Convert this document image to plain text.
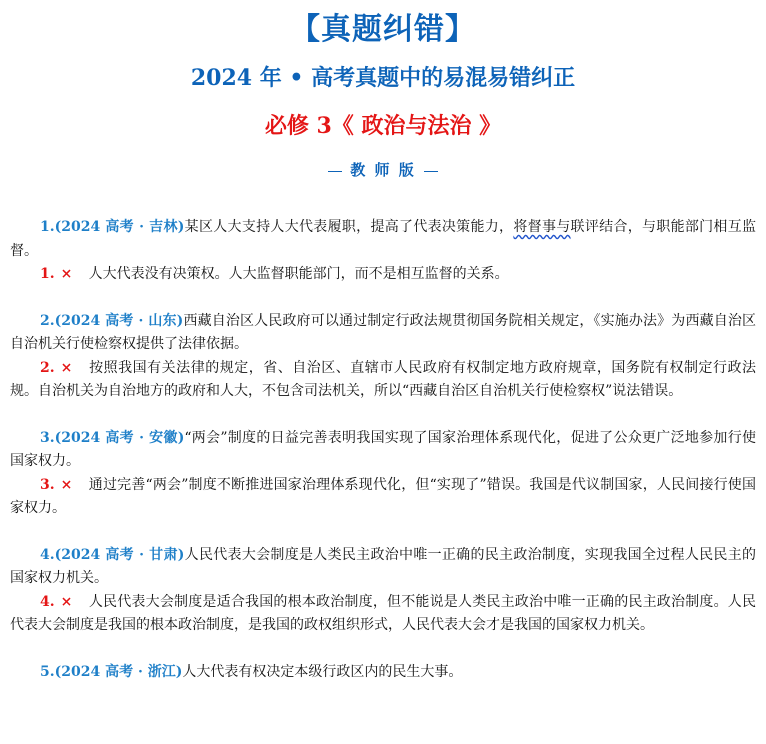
【真题纠错】
2024 年 • 高考真题中的易混易错纠正
必修 3《 政治与法治 》
教 师 版

1.(2024 高考 · 吉林)某区人大支持人大代表履职，提高了代表决策能力，将督事与联评结合，与职能部门相互监督。

1. × 人大代表没有决策权。人大监督职能部门，而不是相互监督的关系。

2.(2024 高考 · 山东)西藏自治区人民政府可以通过制定行政法规贯彻国务院相关规定，《实施办法》为西藏自治区自治机关行使检察权提供了法律依据。

2. × 按照我国有关法律的规定，省、自治区、直辖市人民政府有权制定地方政府规章，国务院有权制定行政法规。自治机关为自治地方的政府和人大，不包含司法机关，所以“西藏自治区自治机关行使检察权”说法错误。

3.(2024 高考 · 安徽)“两会”制度的日益完善表明我国实现了国家治理体系现代化，促进了公众更广泛地参加行使国家权力。

3. × 通过完善“两会”制度不断推进国家治理体系现代化，但“实现了”错误。我国是代议制国家，人民间接行使国家权力。

4.(2024 高考 · 甘肃)人民代表大会制度是人类民主政治中唯一正确的民主政治制度，实现我国全过程人民民主的国家权力机关。

4. × 人民代表大会制度是适合我国的根本政治制度，但不能说是人类民主政治中唯一正确的民主政治制度。人民代表大会制度是我国的根本政治制度，是我国的政权组织形式，人民代表大会才是我国的国家权力机关。

5.(2024 高考 · 浙江)人大代表有权决定本级行政区内的民生大事。
